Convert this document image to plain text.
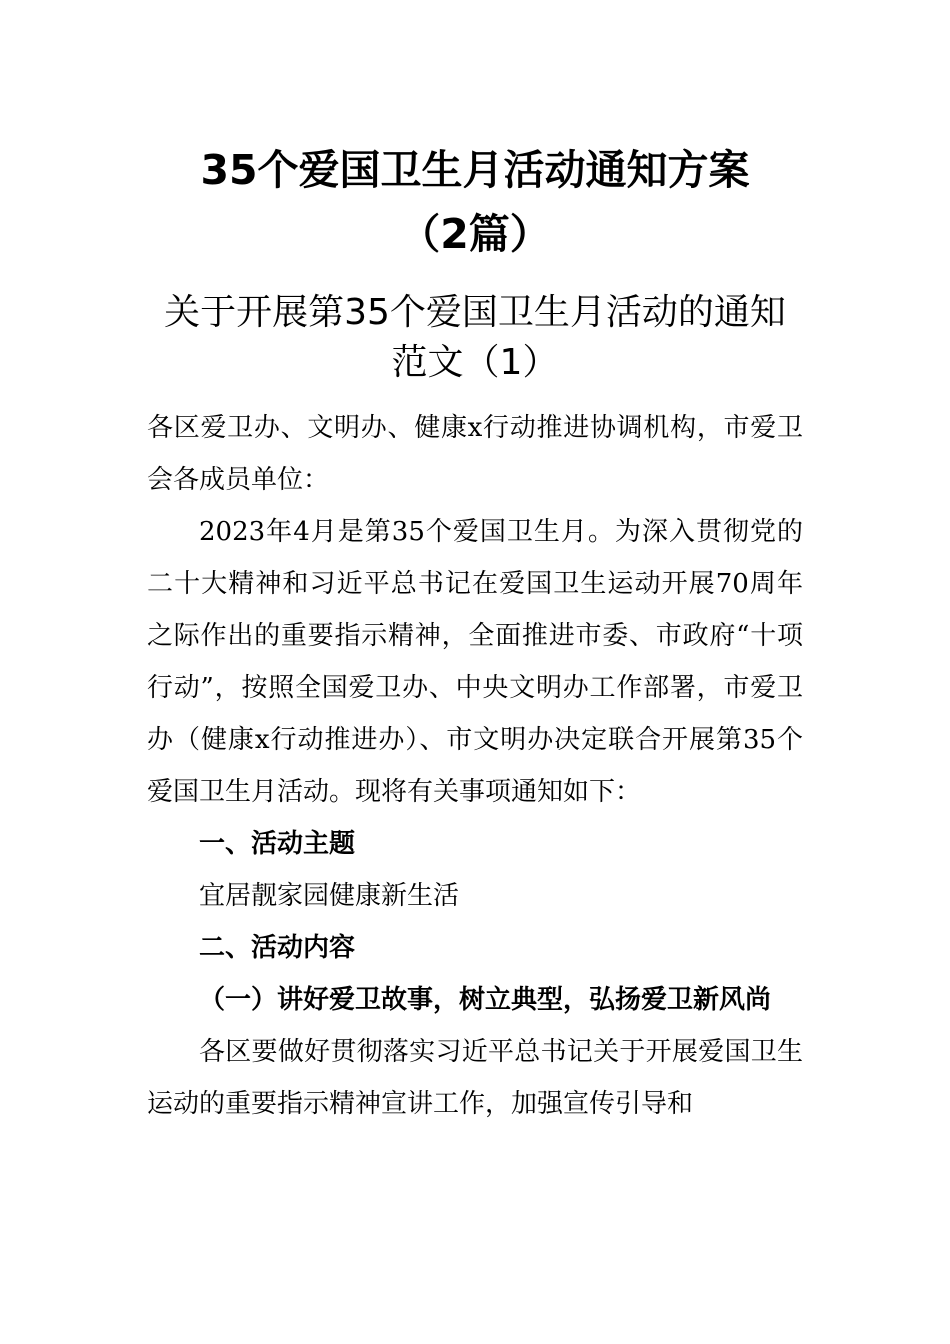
35个爱国卫生月活动通知方案
（2篇）
关于开展第35个爱国卫生月活动的通知范文（1）

各区爱卫办、文明办、健康x行动推进协调机构，市爱卫会各成员单位：

2023年4月是第35个爱国卫生月。为深入贯彻党的二十大精神和习近平总书记在爱国卫生运动开展70周年之际作出的重要指示精神，全面推进市委、市政府“十项行动”，按照全国爱卫办、中央文明办工作部署，市爱卫办（健康x行动推进办）、市文明办决定联合开展第35个爱国卫生月活动。现将有关事项通知如下：

一、活动主题

宜居靓家园健康新生活

二、活动内容

（一）讲好爱卫故事，树立典型，弘扬爱卫新风尚

各区要做好贯彻落实习近平总书记关于开展爱国卫生运动的重要指示精神宣讲工作，加强宣传引导和
